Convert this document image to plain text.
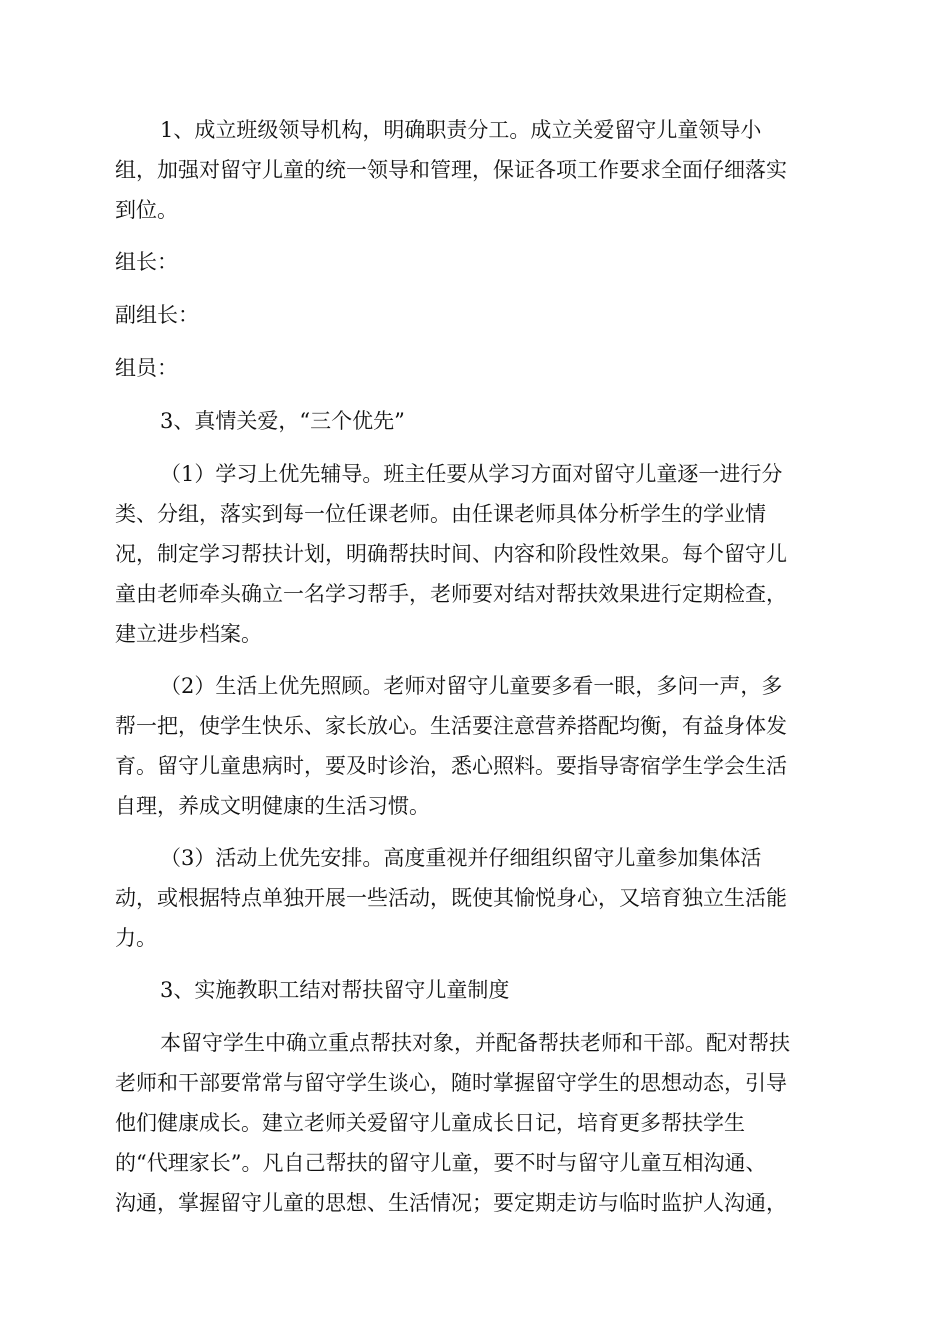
1、成立班级领导机构，明确职责分工。成立关爱留守儿童领导小
组，加强对留守儿童的统一领导和管理，保证各项工作要求全面仔细落实
到位。
组长：
副组长：
组员：
3、真情关爱，“三个优先”
（1）学习上优先辅导。班主任要从学习方面对留守儿童逐一进行分
类、分组，落实到每一位任课老师。由任课老师具体分析学生的学业情
况，制定学习帮扶计划，明确帮扶时间、内容和阶段性效果。每个留守儿
童由老师牵头确立一名学习帮手，老师要对结对帮扶效果进行定期检查，
建立进步档案。
（2）生活上优先照顾。老师对留守儿童要多看一眼，多问一声，多
帮一把，使学生快乐、家长放心。生活要注意营养搭配均衡，有益身体发
育。留守儿童患病时，要及时诊治，悉心照料。要指导寄宿学生学会生活
自理，养成文明健康的生活习惯。
（3）活动上优先安排。高度重视并仔细组织留守儿童参加集体活
动，或根据特点单独开展一些活动，既使其愉悦身心，又培育独立生活能
力。
3、实施教职工结对帮扶留守儿童制度
本留守学生中确立重点帮扶对象，并配备帮扶老师和干部。配对帮扶
老师和干部要常常与留守学生谈心，随时掌握留守学生的思想动态，引导
他们健康成长。建立老师关爱留守儿童成长日记，培育更多帮扶学生
的“代理家长”。凡自己帮扶的留守儿童，要不时与留守儿童互相沟通、
沟通，掌握留守儿童的思想、生活情况；要定期走访与临时监护人沟通，
